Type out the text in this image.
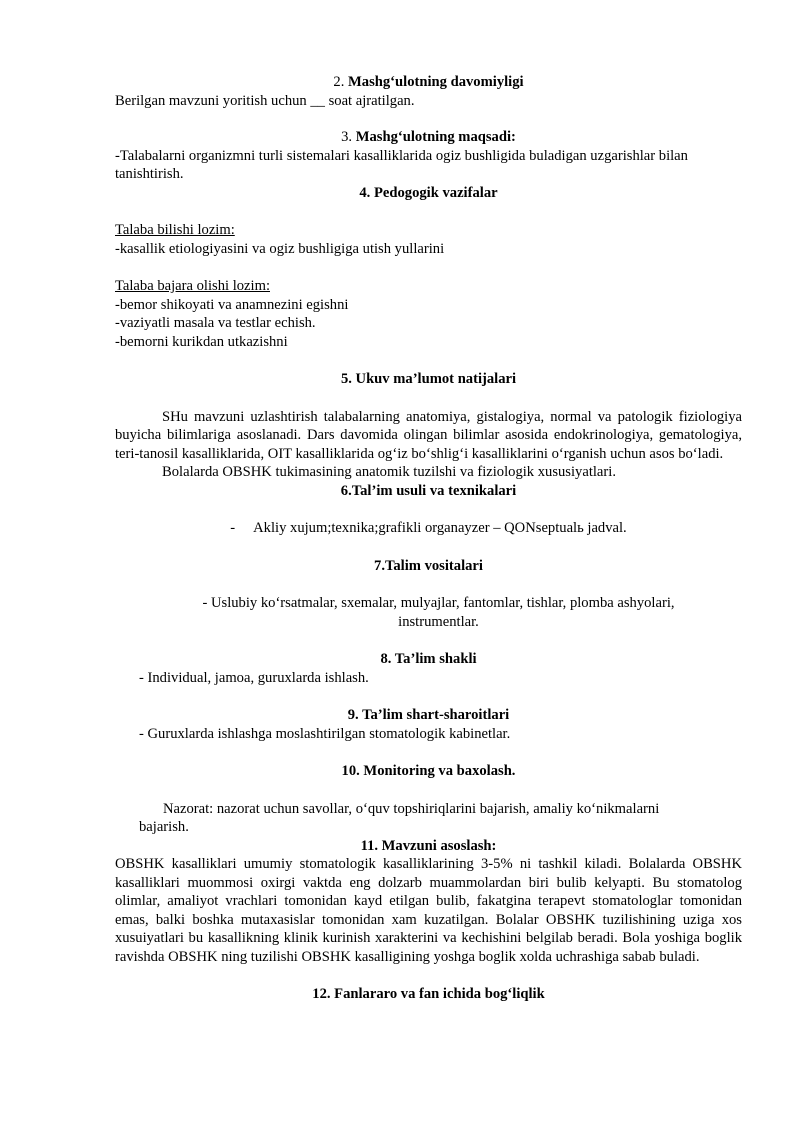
2. Mashg‘ulotning davomiyligi

Berilgan mavzuni yoritish uchun __ soat ajratilgan.

3. Mashg‘ulotning maqsadi:

-Talabalarni organizmni turli sistemalari kasalliklarida ogiz bushligida buladigan uzgarishlar bilan tanishtirish.

4. Pedogogik vazifalar

Talaba bilishi lozim:

-kasallik etiologiyasini va ogiz bushligiga utish yullarini

Talaba bajara olishi lozim:

-bemor shikoyati va anamnezini egishni

-vaziyatli masala va testlar echish.

-bemorni kurikdan utkazishni

5. Ukuv ma’lumot natijalari

SHu mavzuni uzlashtirish talabalarning anatomiya, gistalogiya, normal va patologik fiziologiya buyicha bilimlariga asoslanadi. Dars davomida olingan bilimlar asosida endokrinologiya, gematologiya, teri-tanosil kasalliklarida, OIT kasalliklarida og‘iz bo‘shlig‘i kasalliklarini o‘rganish uchun asos bo‘ladi.

Bolalarda OBSHK tukimasining anatomik tuzilshi va fiziologik xususiyatlari.

6.Tal’im usuli va texnikalari

- Akliy xujum;texnika;grafikli organayzer – QONseptualь jadval.

7.Talim vositalari

- Uslubiy ko‘rsatmalar, sxemalar, mulyajlar, fantomlar, tishlar, plomba ashyolari, instrumentlar.

8. Ta’lim shakli

- Individual, jamoa, guruxlarda ishlash.

9. Ta’lim shart-sharoitlari

- Guruxlarda ishlashga moslashtirilgan stomatologik kabinetlar.

10. Monitoring va baxolash.

Nazorat: nazorat uchun savollar, o‘quv topshiriqlarini bajarish, amaliy ko‘nikmalarni bajarish.

11. Mavzuni asoslash:

OBSHK kasalliklari umumiy stomatologik kasalliklarining 3-5% ni tashkil kiladi. Bolalarda OBSHK kasalliklari muommosi oxirgi vaktda eng dolzarb muammolardan biri bulib kelyapti. Bu stomatolog olimlar, amaliyot vrachlari tomonidan kayd etilgan bulib, fakatgina terapevt stomatologlar tomonidan emas, balki boshka mutaxasislar tomonidan xam kuzatilgan. Bolalar OBSHK tuzilishining uziga xos xusuiyatlari bu kasallikning klinik kurinish xarakterini va kechishini belgilab beradi. Bola yoshiga boglik ravishda OBSHK ning tuzilishi OBSHK kasalligining yoshga boglik xolda uchrashiga sabab buladi.

12. Fanlararo va fan ichida bog‘liqlik
